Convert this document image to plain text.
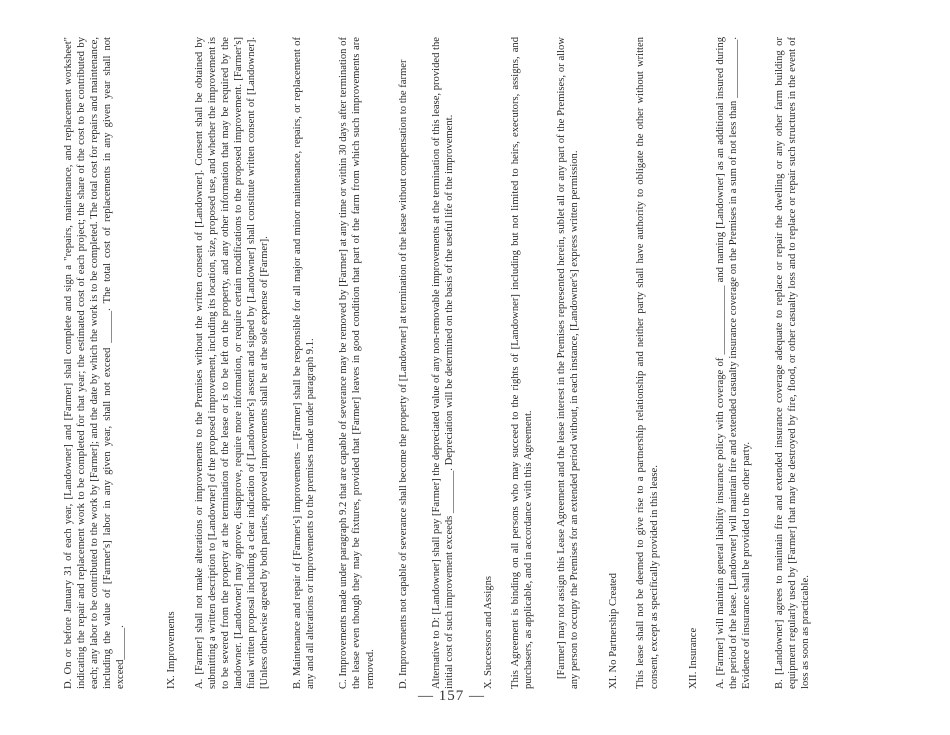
D. On or before January 31 of each year, [Landowner] and [Farmer] shall complete and sign a "repairs, maintenance, and replacement worksheet" indicating the repair and replacement work to be completed for that year; the estimated cost of each project; the share of the cost to be contributed by each; any labor to be contributed to the work by [Farmer]; and the date by which the work is to be completed. The total cost for repairs and maintenance, including the value of [Farmer's] labor in any given year, shall not exceed ______. The total cost of replacements in any given year shall not exceed______.	IX. Improvements A. [Farmer] shall not make alterations or improvements to the Premises without the written consent of [Landowner]. Consent shall be obtained by submitting a written description to [Landowner] of the proposed improvement, including its location, size, proposed use, and whether the improvement is to be severed from the property at the termination of the lease or is to be left on the property, and any other information that may be required by the landowner. [Landowner] may approve, disapprove, require more information, or require certain modifications to the proposed improvement. [Farmer's] final written proposal including a clear indication of [Landowner's] assent and signed by [Landowner] shall constitute written consent of [Landowner]. [Unless otherwise agreed by both parties, approved improvements shall be at the sole expense of [Farmer]. B. Maintenance and repair of [Farmer's] improvements – [Farmer] shall be responsible for all major and minor maintenance, repairs, or replacement of any and all alterations or improvements to the premises made under paragraph 9.1. C. Improvements made under paragraph 9.2 that are capable of severance may be removed by [Farmer] at any time or within 30 days after termination of the lease even though they may be fixtures, provided that [Farmer] leaves in good condition that part of the farm from which such improvements are removed. D. Improvements not capable of severance shall become the property of [Landowner] at termination of the lease without compensation to the farmer Alternative to D: [Landowner] shall pay [Farmer] the depreciated value of any non-removable improvements at the termination of this lease, provided the initial cost of such improvement exceeds ________. Depreciation will be determined on the basis of the useful life of the improvement.	X. Successors and Assigns This Agreement is binding on all persons who may succeed to the rights of [Landowner] including but not limited to heirs, executors, assigns, and purchasers, as applicable, and in accordance with this Agreement. [Farmer] may not assign this Lease Agreement and the lease interest in the Premises represented herein, sublet all or any part of the Premises, or allow any person to occupy the Premises for an extended period without, in each instance, [Landowner's] express written permission.	XI. No Partnership Created This lease shall not be deemed to give rise to a partnership relationship and neither party shall have authority to obligate the other without written consent, except as specifically provided in this lease.	XII. Insurance A. [Farmer] will maintain general liability insurance policy with coverage of _____________ and naming [Landowner] as an additional insured during the period of the lease. [Landowner] will maintain fire and extended casualty insurance coverage on the Premises in a sum of not less than ___________. Evidence of insurance shall be provided to the other party. B. [Landowner] agrees to maintain fire and extended insurance coverage adequate to replace or repair the dwelling or any other farm building or equipment regularly used by [Farmer] that may be destroyed by fire, flood, or other casualty loss and to replace or repair such structures in the event of loss as soon as practicable.

— 157 —
